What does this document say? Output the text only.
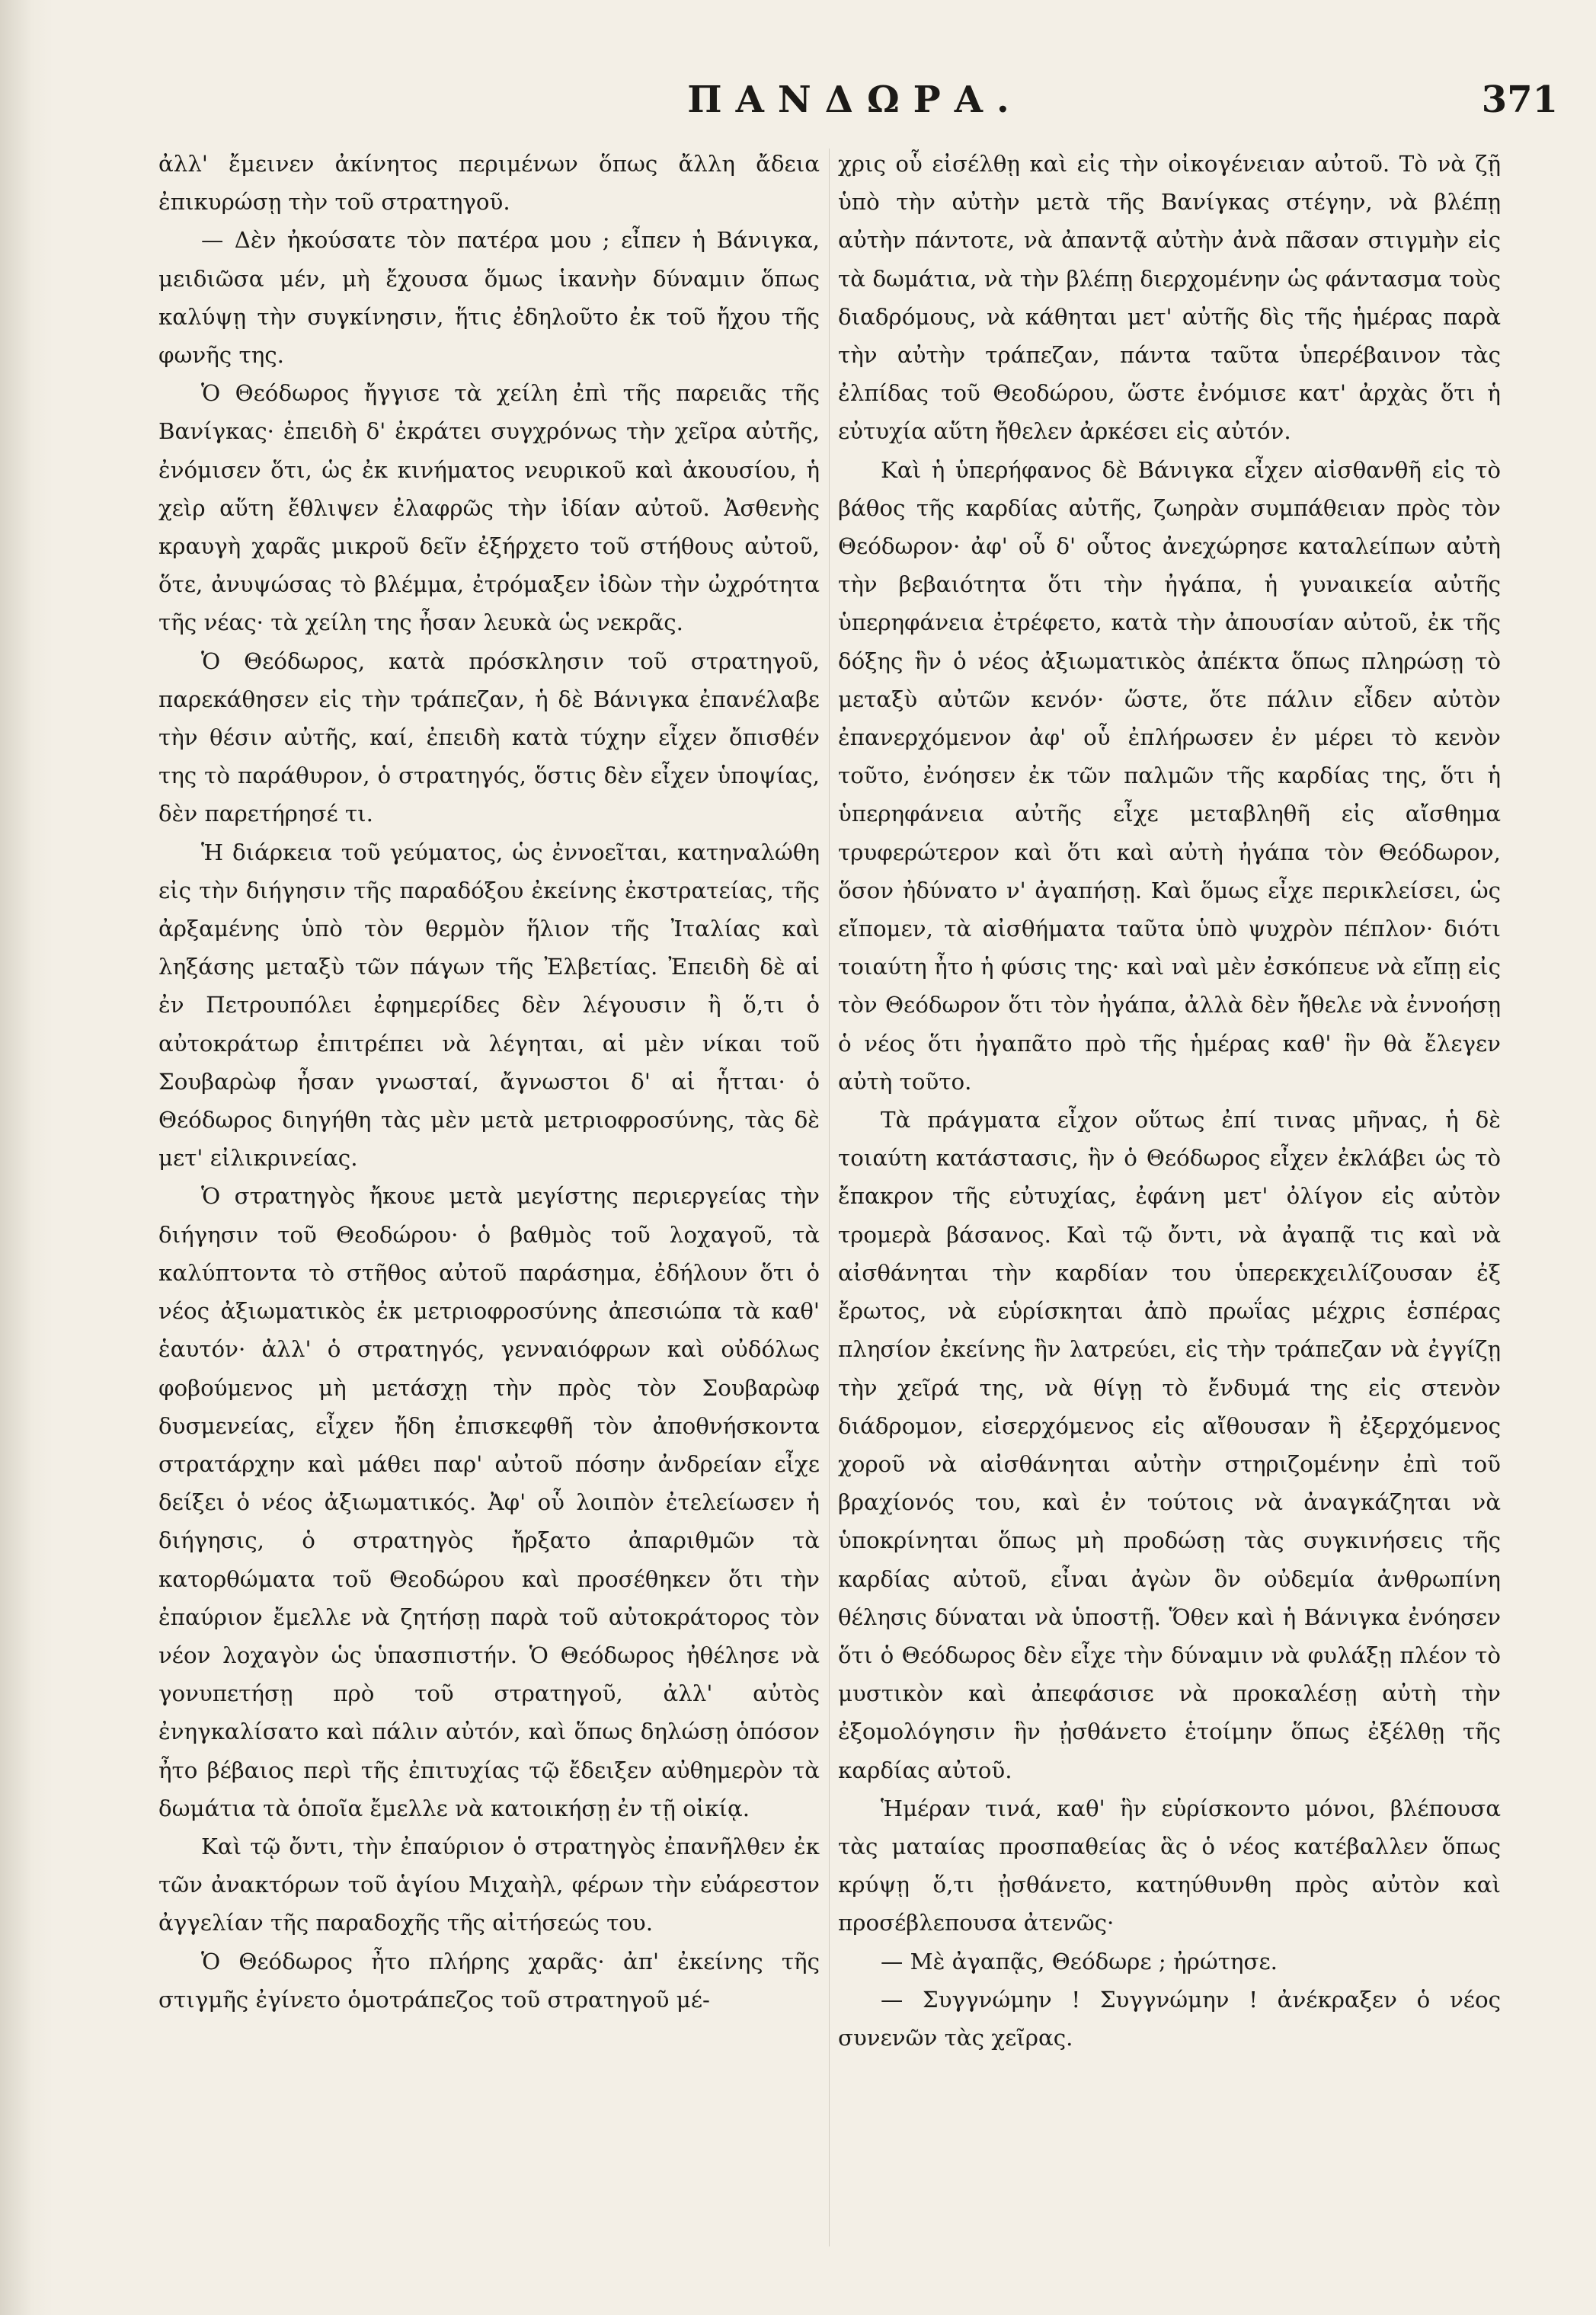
ΠΑΝΔΩΡΑ.	371

ἀλλ' ἔμεινεν ἀκίνητος περιμένων ὅπως ἄλλη ἄδεια ἐπικυρώσῃ τὴν τοῦ στρατηγοῦ.

— Δὲν ἠκούσατε τὸν πατέρα μου ; εἶπεν ἡ Βάνιγκα, μειδιῶσα μέν, μὴ ἔχουσα ὅμως ἱκανὴν δύναμιν ὅπως καλύψῃ τὴν συγκίνησιν, ἥτις ἐδηλοῦτο ἐκ τοῦ ἤχου τῆς φωνῆς της.

Ὁ Θεόδωρος ἤγγισε τὰ χείλη ἐπὶ τῆς παρειᾶς τῆς Βανίγκας· ἐπειδὴ δ' ἐκράτει συγχρόνως τὴν χεῖρα αὐτῆς, ἐνόμισεν ὅτι, ὡς ἐκ κινήματος νευρικοῦ καὶ ἀκουσίου, ἡ χεὶρ αὕτη ἔθλιψεν ἐλαφρῶς τὴν ἰδίαν αὐτοῦ. Ἀσθενὴς κραυγὴ χαρᾶς μικροῦ δεῖν ἐξήρχετο τοῦ στήθους αὐτοῦ, ὅτε, ἀνυψώσας τὸ βλέμμα, ἐτρόμαξεν ἰδὼν τὴν ὠχρότητα τῆς νέας· τὰ χείλη της ἦσαν λευκὰ ὡς νεκρᾶς.

Ὁ Θεόδωρος, κατὰ πρόσκλησιν τοῦ στρατηγοῦ, παρεκάθησεν εἰς τὴν τράπεζαν, ἡ δὲ Βάνιγκα ἐπανέλαβε τὴν θέσιν αὐτῆς, καί, ἐπειδὴ κατὰ τύχην εἶχεν ὄπισθέν της τὸ παράθυρον, ὁ στρατηγός, ὅστις δὲν εἶχεν ὑποψίας, δὲν παρετήρησέ τι.

Ἡ διάρκεια τοῦ γεύματος, ὡς ἐννοεῖται, κατηναλώθη εἰς τὴν διήγησιν τῆς παραδόξου ἐκείνης ἐκστρατείας, τῆς ἀρξαμένης ὑπὸ τὸν θερμὸν ἥλιον τῆς Ἰταλίας καὶ ληξάσης μεταξὺ τῶν πάγων τῆς Ἐλβετίας. Ἐπειδὴ δὲ αἱ ἐν Πετρουπόλει ἐφημερίδες δὲν λέγουσιν ἢ ὅ,τι ὁ αὐτοκράτωρ ἐπιτρέπει νὰ λέγηται, αἱ μὲν νίκαι τοῦ Σουβαρὼφ ἦσαν γνωσταί, ἄγνωστοι δ' αἱ ἧτται· ὁ Θεόδωρος διηγήθη τὰς μὲν μετὰ μετριοφροσύνης, τὰς δὲ μετ' εἰλικρινείας.

Ὁ στρατηγὸς ἤκουε μετὰ μεγίστης περιεργείας τὴν διήγησιν τοῦ Θεοδώρου· ὁ βαθμὸς τοῦ λοχαγοῦ, τὰ καλύπτοντα τὸ στῆθος αὐτοῦ παράσημα, ἐδήλουν ὅτι ὁ νέος ἀξιωματικὸς ἐκ μετριοφροσύνης ἀπεσιώπα τὰ καθ' ἑαυτόν· ἀλλ' ὁ στρατηγός, γενναιόφρων καὶ οὐδόλως φοβούμενος μὴ μετάσχῃ τὴν πρὸς τὸν Σουβαρὼφ δυσμενείας, εἶχεν ἤδη ἐπισκεφθῆ τὸν ἀποθνήσκοντα στρατάρχην καὶ μάθει παρ' αὐτοῦ πόσην ἀνδρείαν εἶχε δείξει ὁ νέος ἀξιωματικός. Ἀφ' οὗ λοιπὸν ἐτελείωσεν ἡ διήγησις, ὁ στρατηγὸς ἤρξατο ἀπαριθμῶν τὰ κατορθώματα τοῦ Θεοδώρου καὶ προσέθηκεν ὅτι τὴν ἐπαύριον ἔμελλε νὰ ζητήσῃ παρὰ τοῦ αὐτοκράτορος τὸν νέον λοχαγὸν ὡς ὑπασπιστήν. Ὁ Θεόδωρος ἠθέλησε νὰ γονυπετήσῃ πρὸ τοῦ στρατηγοῦ, ἀλλ' αὐτὸς ἐνηγκαλίσατο καὶ πάλιν αὐτόν, καὶ ὅπως δηλώσῃ ὁπόσον ἦτο βέβαιος περὶ τῆς ἐπιτυχίας τῷ ἔδειξεν αὐθημερὸν τὰ δωμάτια τὰ ὁποῖα ἔμελλε νὰ κατοικήσῃ ἐν τῇ οἰκίᾳ.

Καὶ τῷ ὄντι, τὴν ἐπαύριον ὁ στρατηγὸς ἐπανῆλθεν ἐκ τῶν ἀνακτόρων τοῦ ἁγίου Μιχαὴλ, φέρων τὴν εὐάρεστον ἀγγελίαν τῆς παραδοχῆς τῆς αἰτήσεώς του.

Ὁ Θεόδωρος ἦτο πλήρης χαρᾶς· ἀπ' ἐκείνης τῆς στιγμῆς ἐγίνετο ὁμοτράπεζος τοῦ στρατηγοῦ μέ-

χρις οὗ εἰσέλθῃ καὶ εἰς τὴν οἰκογένειαν αὐτοῦ. Τὸ νὰ ζῇ ὑπὸ τὴν αὐτὴν μετὰ τῆς Βανίγκας στέγην, νὰ βλέπῃ αὐτὴν πάντοτε, νὰ ἀπαντᾷ αὐτὴν ἀνὰ πᾶσαν στιγμὴν εἰς τὰ δωμάτια, νὰ τὴν βλέπῃ διερχομένην ὡς φάντασμα τοὺς διαδρόμους, νὰ κάθηται μετ' αὐτῆς δὶς τῆς ἡμέρας παρὰ τὴν αὐτὴν τράπεζαν, πάντα ταῦτα ὑπερέβαινον τὰς ἐλπίδας τοῦ Θεοδώρου, ὥστε ἐνόμισε κατ' ἀρχὰς ὅτι ἡ εὐτυχία αὕτη ἤθελεν ἀρκέσει εἰς αὐτόν.

Καὶ ἡ ὑπερήφανος δὲ Βάνιγκα εἶχεν αἰσθανθῆ εἰς τὸ βάθος τῆς καρδίας αὐτῆς, ζωηρὰν συμπάθειαν πρὸς τὸν Θεόδωρον· ἀφ' οὗ δ' οὗτος ἀνεχώρησε καταλείπων αὐτὴ τὴν βεβαιότητα ὅτι τὴν ἠγάπα, ἡ γυναικεία αὐτῆς ὑπερηφάνεια ἐτρέφετο, κατὰ τὴν ἀπουσίαν αὐτοῦ, ἐκ τῆς δόξης ἣν ὁ νέος ἀξιωματικὸς ἀπέκτα ὅπως πληρώσῃ τὸ μεταξὺ αὐτῶν κενόν· ὥστε, ὅτε πάλιν εἶδεν αὐτὸν ἐπανερχόμενον ἀφ' οὗ ἐπλήρωσεν ἐν μέρει τὸ κενὸν τοῦτο, ἐνόησεν ἐκ τῶν παλμῶν τῆς καρδίας της, ὅτι ἡ ὑπερηφάνεια αὐτῆς εἶχε μεταβληθῆ εἰς αἴσθημα τρυφερώτερον καὶ ὅτι καὶ αὐτὴ ἠγάπα τὸν Θεόδωρον, ὅσον ἠδύνατο ν' ἀγαπήσῃ. Καὶ ὅμως εἶχε περικλείσει, ὡς εἴπομεν, τὰ αἰσθήματα ταῦτα ὑπὸ ψυχρὸν πέπλον· διότι τοιαύτη ἦτο ἡ φύσις της· καὶ ναὶ μὲν ἐσκόπευε νὰ εἴπῃ εἰς τὸν Θεόδωρον ὅτι τὸν ἠγάπα, ἀλλὰ δὲν ἤθελε νὰ ἐννοήσῃ ὁ νέος ὅτι ἠγαπᾶτο πρὸ τῆς ἡμέρας καθ' ἣν θὰ ἔλεγεν αὐτὴ τοῦτο.

Τὰ πράγματα εἶχον οὕτως ἐπί τινας μῆνας, ἡ δὲ τοιαύτη κατάστασις, ἣν ὁ Θεόδωρος εἶχεν ἐκλάβει ὡς τὸ ἔπακρον τῆς εὐτυχίας, ἐφάνη μετ' ὀλίγον εἰς αὐτὸν τρομερὰ βάσανος. Καὶ τῷ ὄντι, νὰ ἀγαπᾷ τις καὶ νὰ αἰσθάνηται τὴν καρδίαν του ὑπερεκχειλίζουσαν ἐξ ἔρωτος, νὰ εὑρίσκηται ἀπὸ πρωΐας μέχρις ἑσπέρας πλησίον ἐκείνης ἣν λατρεύει, εἰς τὴν τράπεζαν νὰ ἐγγίζῃ τὴν χεῖρά της, νὰ θίγῃ τὸ ἔνδυμά της εἰς στενὸν διάδρομον, εἰσερχόμενος εἰς αἴθουσαν ἢ ἐξερχόμενος χοροῦ νὰ αἰσθάνηται αὐτὴν στηριζομένην ἐπὶ τοῦ βραχίονός του, καὶ ἐν τούτοις νὰ ἀναγκάζηται νὰ ὑποκρίνηται ὅπως μὴ προδώσῃ τὰς συγκινήσεις τῆς καρδίας αὐτοῦ, εἶναι ἀγὼν ὃν οὐδεμία ἀνθρωπίνη θέλησις δύναται νὰ ὑποστῇ. Ὅθεν καὶ ἡ Βάνιγκα ἐνόησεν ὅτι ὁ Θεόδωρος δὲν εἶχε τὴν δύναμιν νὰ φυλάξῃ πλέον τὸ μυστικὸν καὶ ἀπεφάσισε νὰ προκαλέσῃ αὐτὴ τὴν ἐξομολόγησιν ἣν ᾐσθάνετο ἑτοίμην ὅπως ἐξέλθῃ τῆς καρδίας αὐτοῦ.

Ἡμέραν τινά, καθ' ἣν εὑρίσκοντο μόνοι, βλέπουσα τὰς ματαίας προσπαθείας ἃς ὁ νέος κατέβαλλεν ὅπως κρύψῃ ὅ,τι ᾐσθάνετο, κατηύθυνθη πρὸς αὐτὸν καὶ προσέβλεπουσα ἀτενῶς·

— Μὲ ἀγαπᾷς, Θεόδωρε ; ἠρώτησε.

— Συγγνώμην ! Συγγνώμην ! ἀνέκραξεν ὁ νέος συνενῶν τὰς χεῖρας.
